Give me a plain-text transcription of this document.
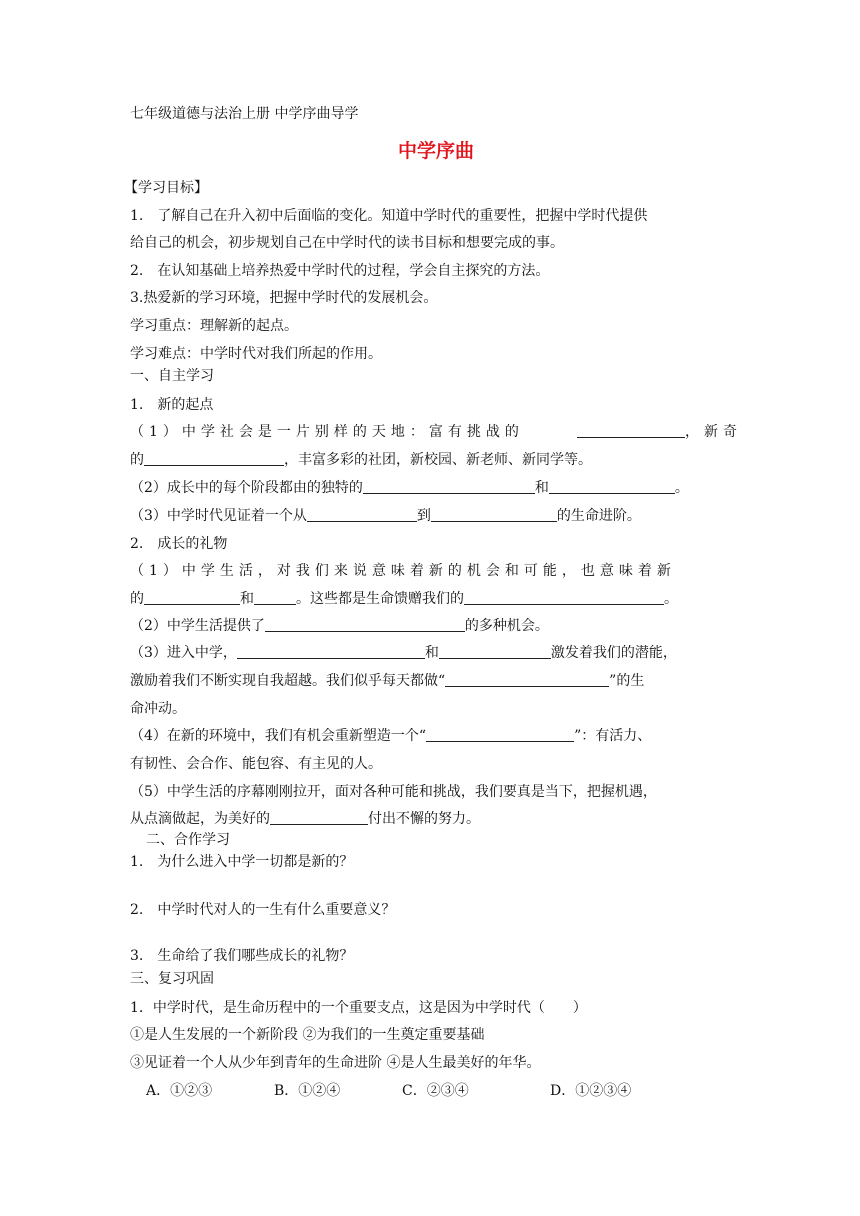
七年级道德与法治上册 中学序曲导学
中学序曲
【学习目标】
1.　了解自己在升入初中后面临的变化。知道中学时代的重要性，把握中学时代提供
给自己的机会，初步规划自己在中学时代的读书目标和想要完成的事。
2.　在认知基础上培养热爱中学时代的过程，学会自主探究的方法。
3.热爱新的学习环境，把握中学时代的发展机会。
学习重点：理解新的起点。
学习难点：中学时代对我们所起的作用。
一、自主学习
1.　新的起点
（1）中学社会是一片别样的天地：富有挑战的	，新奇
的	，丰富多彩的社团，新校园、新老师、新同学等。
（2）成长中的每个阶段都由的独特的	和	。
（3）中学时代见证着一个从	到	的生命进阶。
2.　成长的礼物
（1）中学生活，对我们来说意味着新的机会和可能，也意味着新
的	和	。这些都是生命馈赠我们的	。
（2）中学生活提供了	的多种机会。
（3）进入中学，	和	激发着我们的潜能，
激励着我们不断实现自我超越。我们似乎每天都做“	”的生
命冲动。
（4）在新的环境中，我们有机会重新塑造一个“	”：有活力、
有韧性、会合作、能包容、有主见的人。
（5）中学生活的序幕刚刚拉开，面对各种可能和挑战，我们要真是当下，把握机遇，
从点滴做起，为美好的	付出不懈的努力。
二、合作学习
1.　为什么进入中学一切都是新的？
2.　中学时代对人的一生有什么重要意义？
3.　生命给了我们哪些成长的礼物？
三、复习巩固
1．中学时代，是生命历程中的一个重要支点，这是因为中学时代（　　）
①是人生发展的一个新阶段 ②为我们的一生奠定重要基础
③见证着一个人从少年到青年的生命进阶 ④是人生最美好的年华。
A．①②③	B．①②④	C．②③④	D．①②③④
